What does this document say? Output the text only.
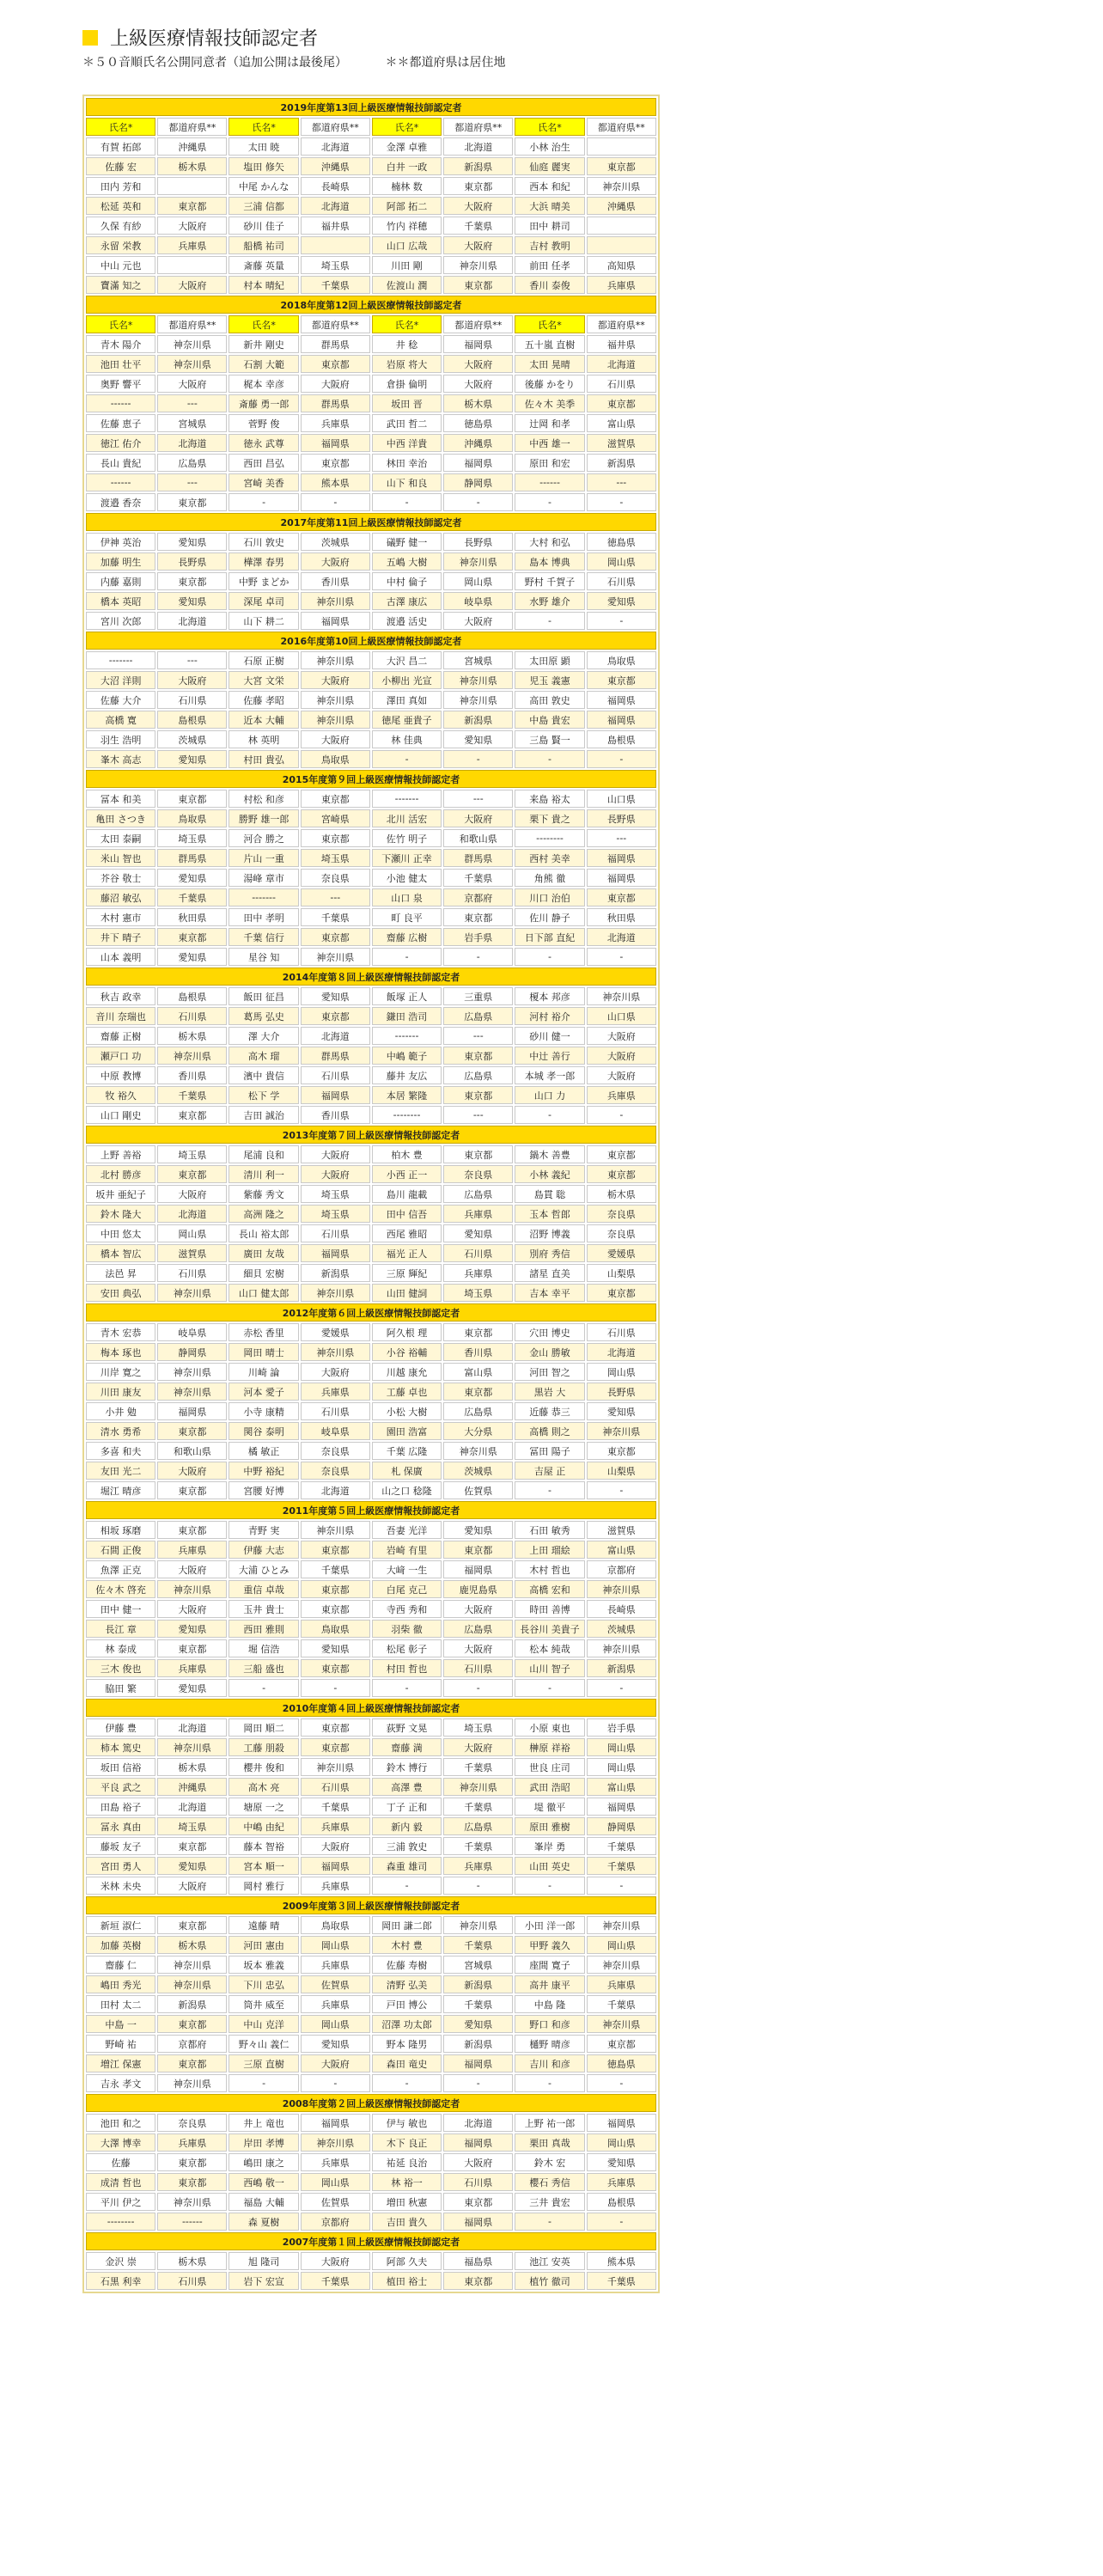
上級医療情報技師認定者
＊５０音順氏名公開同意者（追加公開は最後尾）	＊＊都道府県は居住地
2019年度第13回上級医療情報技師認定者							
氏名*	都道府県**	氏名*	都道府県**	氏名*	都道府県**	氏名*	都道府県**
有賀 拓郎	沖縄県	太田 暁	北海道	金澤 卓雅	北海道	小林 治生	
佐藤 宏	栃木県	塩田 修矢	沖縄県	白井 一政	新潟県	仙庭 麗実	東京都
田内 芳和		中尾 かんな	長崎県	楠林 数	東京都	西本 和紀	神奈川県
松延 英和	東京都	三浦 信都	北海道	阿部 拓二	大阪府	大浜 晴美	沖縄県
久保 有紗	大阪府	砂川 佳子	福井県	竹内 祥穂	千葉県	田中 耕司	
永留 栄教	兵庫県	船橋 祐司		山口 広哉	大阪府	吉村 教明	
中山 元也		斎藤 英量	埼玉県	川田 剛	神奈川県	前田 任孝	高知県
寶滿 知之	大阪府	村本 晴紀	千葉県	佐渡山 潤	東京都	香川 泰俊	兵庫県
2018年度第12回上級医療情報技師認定者							
氏名*	都道府県**	氏名*	都道府県**	氏名*	都道府県**	氏名*	都道府県**
青木 陽介	神奈川県	新井 剛史	群馬県	井 稔	福岡県	五十嵐 直樹	福井県
池田 壮平	神奈川県	石割 大範	東京都	岩原 将大	大阪府	太田 晃晴	北海道
奥野 響平	大阪府	梶本 幸彦	大阪府	倉掛 倫明	大阪府	後藤 かをり	石川県
------	---	斎藤 勇一郎	群馬県	坂田 晋	栃木県	佐々木 美季	東京都
佐藤 恵子	宮城県	菅野 俊	兵庫県	武田 哲二	徳島県	辻岡 和孝	富山県
徳江 佑介	北海道	徳永 武尊	福岡県	中西 洋貴	沖縄県	中西 雄一	滋賀県
長山 貴紀	広島県	西田 昌弘	東京都	林田 幸治	福岡県	原田 和宏	新潟県
------	---	宮崎 美香	熊本県	山下 和良	静岡県	------	---
渡邉 香奈	東京都	-	-	-	-	-	-
2017年度第11回上級医療情報技師認定者							
伊神 英治	愛知県	石川 敦史	茨城県	礒野 健一	長野県	大村 和弘	徳島県
加藤 明生	長野県	樺澤 春男	大阪府	五嶋 大樹	神奈川県	島本 博典	岡山県
内藤 嘉則	東京都	中野 まどか	香川県	中村 倫子	岡山県	野村 千賀子	石川県
橋本 英昭	愛知県	深尾 卓司	神奈川県	古澤 康広	岐阜県	水野 雄介	愛知県
宮川 次郎	北海道	山下 耕二	福岡県	渡邉 活史	大阪府	-	-
2016年度第10回上級医療情報技師認定者							
-------	---	石原 正樹	神奈川県	大沢 昌二	宮城県	太田原 顕	鳥取県
大沼 洋則	大阪府	大宮 文栄	大阪府	小柳出 光宣	神奈川県	児玉 義憲	東京都
佐藤 大介	石川県	佐藤 孝昭	神奈川県	澤田 真如	神奈川県	高田 敦史	福岡県
高橋 寛	島根県	近本 大輔	神奈川県	徳尾 亜貴子	新潟県	中島 貴宏	福岡県
羽生 浩明	茨城県	林 英明	大阪府	林 佳典	愛知県	三島 賢一	島根県
峯木 高志	愛知県	村田 貴弘	鳥取県	-	-	-	-
2015年度第９回上級医療情報技師認定者							
冨本 和美	東京都	村松 和彦	東京都	-------	---	来島 裕太	山口県
亀田 さつき	鳥取県	勝野 雄一郎	宮崎県	北川 活宏	大阪府	栗下 貴之	長野県
太田 泰嗣	埼玉県	河合 勝之	東京都	佐竹 明子	和歌山県	--------	---
米山 智也	群馬県	片山 一重	埼玉県	下瀬川 正幸	群馬県	西村 美幸	福岡県
芥谷 敬士	愛知県	湯峰 章市	奈良県	小池 健太	千葉県	角熊 徹	福岡県
藤沼 敏弘	千葉県	-------	---	山口 泉	京都府	川口 治伯	東京都
木村 憲市	秋田県	田中 孝明	千葉県	町 良平	東京都	佐川 静子	秋田県
井下 晴子	東京都	千葉 信行	東京都	齋藤 広樹	岩手県	日下部 直紀	北海道
山本 義明	愛知県	星谷 知	神奈川県	-	-	-	-
2014年度第８回上級医療情報技師認定者							
秋吉 政幸	島根県	飯田 征昌	愛知県	飯塚 正人	三重県	榎本 邦彦	神奈川県
音川 奈瑞也	石川県	葛馬 弘史	東京都	鎌田 浩司	広島県	河村 裕介	山口県
齋藤 正樹	栃木県	澤 大介	北海道	-------	---	砂川 健一	大阪府
瀬戸口 功	神奈川県	高木 瑠	群馬県	中嶋 範子	東京都	中辻 善行	大阪府
中原 教博	香川県	濱中 貴信	石川県	藤井 友広	広島県	本城 孝一郎	大阪府
牧 裕久	千葉県	松下 学	福岡県	本居 繁隆	東京都	山口 力	兵庫県
山口 剛史	東京都	吉田 誠治	香川県	--------	---	-	-
2013年度第７回上級医療情報技師認定者							
上野 善裕	埼玉県	尾浦 良和	大阪府	柏木 豊	東京都	鍋木 善豊	東京都
北村 勝彦	東京都	清川 利一	大阪府	小西 正一	奈良県	小林 義紀	東京都
坂井 亜紀子	大阪府	紫藤 秀文	埼玉県	島川 龍載	広島県	島貫 聡	栃木県
鈴木 隆大	北海道	高洲 隆之	埼玉県	田中 信吾	兵庫県	玉本 哲郎	奈良県
中田 悠太	岡山県	長山 裕太郎	石川県	西尾 雅昭	愛知県	沼野 博義	奈良県
橋本 智広	滋賀県	廣田 友哉	福岡県	福光 正人	石川県	別府 秀信	愛媛県
法邑 昇	石川県	細貝 宏樹	新潟県	三原 輝紀	兵庫県	諸星 直美	山梨県
安田 典弘	神奈川県	山口 健太郎	神奈川県	山田 健詞	埼玉県	吉本 幸平	東京都
2012年度第６回上級医療情報技師認定者							
青木 宏恭	岐阜県	赤松 香里	愛媛県	阿久根 理	東京都	穴田 博史	石川県
梅本 琢也	静岡県	岡田 晴士	神奈川県	小谷 裕輔	香川県	金山 勝敏	北海道
川岸 寛之	神奈川県	川崎 論	大阪府	川越 康允	富山県	河田 智之	岡山県
川田 康友	神奈川県	河本 愛子	兵庫県	工藤 卓也	東京都	黒岩 大	長野県
小井 勉	福岡県	小寺 康精	石川県	小松 大樹	広島県	近藤 恭三	愛知県
清水 勇希	東京都	関谷 泰明	岐阜県	園田 浩富	大分県	高橋 則之	神奈川県
多喜 和夫	和歌山県	橘 敏正	奈良県	千葉 広隆	神奈川県	冨田 陽子	東京都
友田 光二	大阪府	中野 裕紀	奈良県	札 保廣	茨城県	吉屋 正	山梨県
堀江 晴彦	東京都	宮腰 好博	北海道	山之口 稔隆	佐賀県	-	-
2011年度第５回上級医療情報技師認定者							
相坂 琢磨	東京都	青野 実	神奈川県	吾妻 光洋	愛知県	石田 敏秀	滋賀県
石間 正俊	兵庫県	伊藤 大志	東京都	岩崎 有里	東京都	上田 瑠絵	富山県
魚澤 正克	大阪府	大浦 ひとみ	千葉県	大﨑 一生	福岡県	木村 哲也	京都府
佐々木 啓充	神奈川県	重信 卓哉	東京都	白尾 克己	鹿児島県	高橋 宏和	神奈川県
田中 健一	大阪府	玉井 貴士	東京都	寺西 秀和	大阪府	時田 善博	長崎県
長江 章	愛知県	西田 雅則	鳥取県	羽柴 徹	広島県	長谷川 美貴子	茨城県
林 泰成	東京都	堀 信浩	愛知県	松尾 彰子	大阪府	松本 純哉	神奈川県
三木 俊也	兵庫県	三船 盛也	東京都	村田 哲也	石川県	山川 智子	新潟県
脇田 繁	愛知県	-	-	-	-	-	-
2010年度第４回上級医療情報技師認定者							
伊藤 豊	北海道	岡田 順二	東京都	荻野 文晃	埼玉県	小原 東也	岩手県
柿本 篤史	神奈川県	工藤 朋殺	東京都	齋藤 満	大阪府	榊原 祥裕	岡山県
坂田 信裕	栃木県	櫻井 俊和	神奈川県	鈴木 博行	千葉県	世良 庄司	岡山県
平良 武之	沖縄県	高木 亮	石川県	高澤 豊	神奈川県	武田 浩昭	富山県
田島 裕子	北海道	塘原 一之	千葉県	丁子 正和	千葉県	堤 徹平	福岡県
冨永 真由	埼玉県	中嶋 由紀	兵庫県	新内 毅	広島県	原田 雅樹	静岡県
藤坂 友子	東京都	藤本 智裕	大阪府	三浦 敦史	千葉県	峯岸 勇	千葉県
宮田 勇人	愛知県	宮本 順一	福岡県	森重 雄司	兵庫県	山田 英史	千葉県
米林 未央	大阪府	岡村 雅行	兵庫県	-	-	-	-
2009年度第３回上級医療情報技師認定者							
新垣 淑仁	東京都	遠藤 晴	鳥取県	岡田 謙二郎	神奈川県	小田 洋一郎	神奈川県
加藤 英樹	栃木県	河田 憲由	岡山県	木村 豊	千葉県	甲野 義久	岡山県
齋藤 仁	神奈川県	坂本 雅義	兵庫県	佐藤 寿樹	宮城県	座間 寛子	神奈川県
嶋田 秀光	神奈川県	下川 忠弘	佐賀県	清野 弘美	新潟県	高井 康平	兵庫県
田村 太二	新潟県	筒井 威至	兵庫県	戸田 博公	千葉県	中島 隆	千葉県
中島 一	東京都	中山 克洋	岡山県	沼澤 功太郎	愛知県	野口 和彦	神奈川県
野崎 祐	京都府	野々山 義仁	愛知県	野本 隆男	新潟県	樋野 晴彦	東京都
増江 保憲	東京都	三原 直樹	大阪府	森田 竜史	福岡県	吉川 和彦	徳島県
吉永 孝文	神奈川県	-	-	-	-	-	-
2008年度第２回上級医療情報技師認定者							
池田 和之	奈良県	井上 竜也	福岡県	伊与 敏也	北海道	上野 祐一郎	福岡県
大澤 博幸	兵庫県	岸田 孝博	神奈川県	木下 良正	福岡県	栗田 真哉	岡山県
佐藤	東京都	嶋田 康之	兵庫県	祐延 良治	大阪府	鈴木 宏	愛知県
成清 哲也	東京都	西嶋 敬一	岡山県	林 裕一	石川県	櫻石 秀信	兵庫県
平川 伊之	神奈川県	福島 大輔	佐賀県	増田 秋憲	東京都	三井 貴宏	島根県
--------	------	森 夏樹	京都府	吉田 貴久	福岡県	-	-
2007年度第１回上級医療情報技師認定者							
金沢 崇	栃木県	旭 隆司	大阪府	阿部 久夫	福島県	池江 安英	熊本県
石黒 利幸	石川県	岩下 宏宣	千葉県	植田 裕士	東京都	植竹 徹司	千葉県
